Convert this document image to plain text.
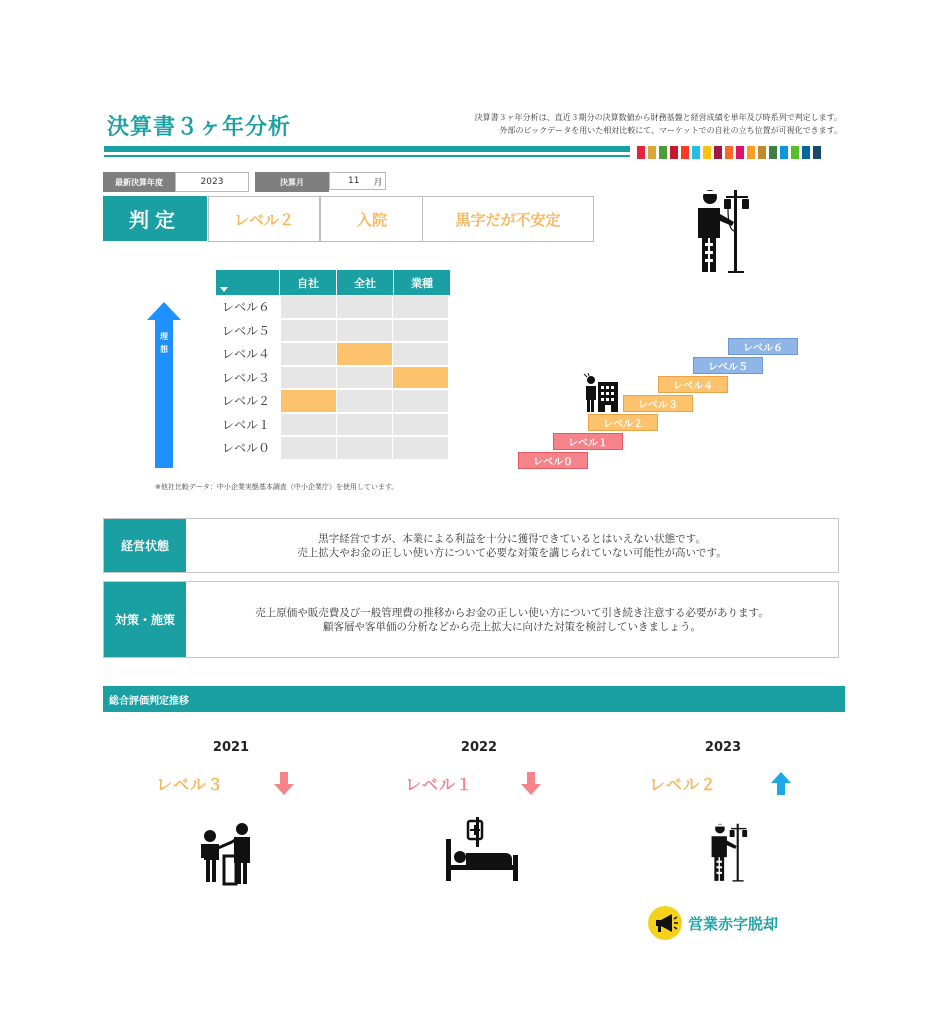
決算書３ヶ年分析	決算書３ヶ年分析は、直近３期分の決算数値から財務基盤と経営成績を単年及び時系列で判定します。
外部のビックデータを用いた相対比較にて、マーケットでの自社の立ち位置が可視化できます。
最新決算年度	2023	決算月	11 月
判定	レベル２	入院	黒字だが不安定
理想
自社	全社	業種
レベル６
レベル５
レベル４
レベル３
レベル２
レベル１
レベル０
※他社比較データ：中小企業実態基本調査（中小企業庁）を使用しています。
レベル０
レベル１
レベル２
レベル３
レベル４
レベル５
レベル６
経営状態
黒字経営ですが、本業による利益を十分に獲得できているとはいえない状態です。
売上拡大やお金の正しい使い方について必要な対策を講じられていない可能性が高いです。
対策・施策
売上原価や販売費及び一般管理費の推移からお金の正しい使い方について引き続き注意する必要があります。
顧客層や客単価の分析などから売上拡大に向けた対策を検討していきましょう。
総合評価判定推移
2021	2022	2023
レベル３	レベル１	レベル２
営業赤字脱却
